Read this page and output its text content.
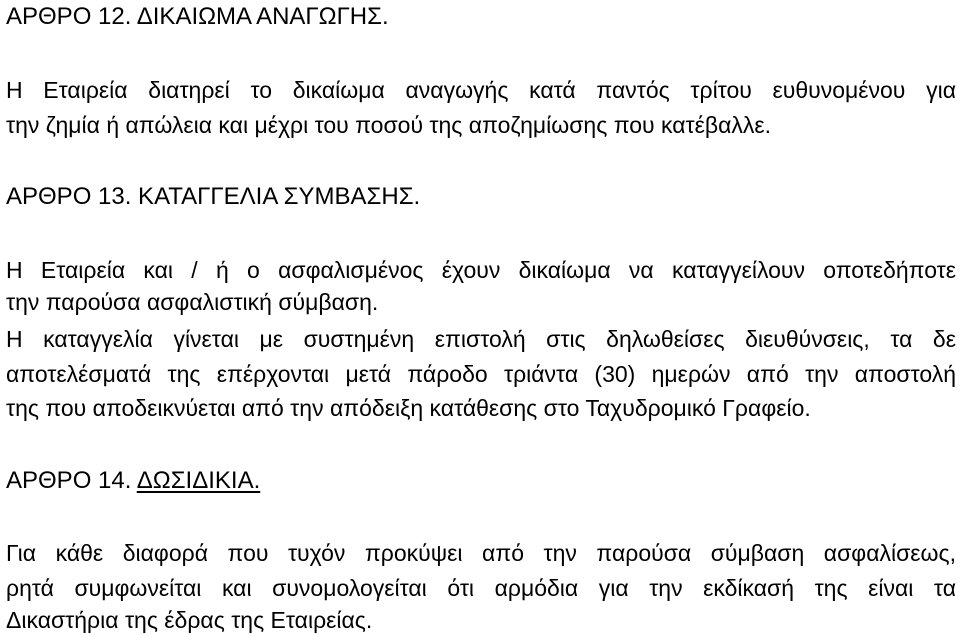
ΑΡΘΡΟ 12. ΔΙΚΑΙΩΜΑ ΑΝΑΓΩΓΗΣ.
Η Εταιρεία διατηρεί το δικαίωμα αναγωγής κατά παντός τρίτου ευθυνομένου για
την ζημία ή απώλεια και μέχρι του ποσού της αποζημίωσης που κατέβαλλε.
ΑΡΘΡΟ 13. ΚΑΤΑΓΓΕΛΙΑ ΣΥΜΒΑΣΗΣ.
Η Εταιρεία και / ή ο ασφαλισμένος έχουν δικαίωμα να καταγγείλουν οποτεδήποτε
την παρούσα ασφαλιστική σύμβαση.
Η καταγγελία γίνεται με συστημένη επιστολή στις δηλωθείσες διευθύνσεις, τα δε
αποτελέσματά της επέρχονται μετά πάροδο τριάντα (30) ημερών από την αποστολή
της που αποδεικνύεται από την απόδειξη κατάθεσης στο Ταχυδρομικό Γραφείο.
ΑΡΘΡΟ 14. ΔΩΣΙΔΙΚΙΑ.
Για κάθε διαφορά που τυχόν προκύψει από την παρούσα σύμβαση ασφαλίσεως,
ρητά συμφωνείται και συνομολογείται ότι αρμόδια για την εκδίκασή της είναι τα
Δικαστήρια της έδρας της Εταιρείας.
